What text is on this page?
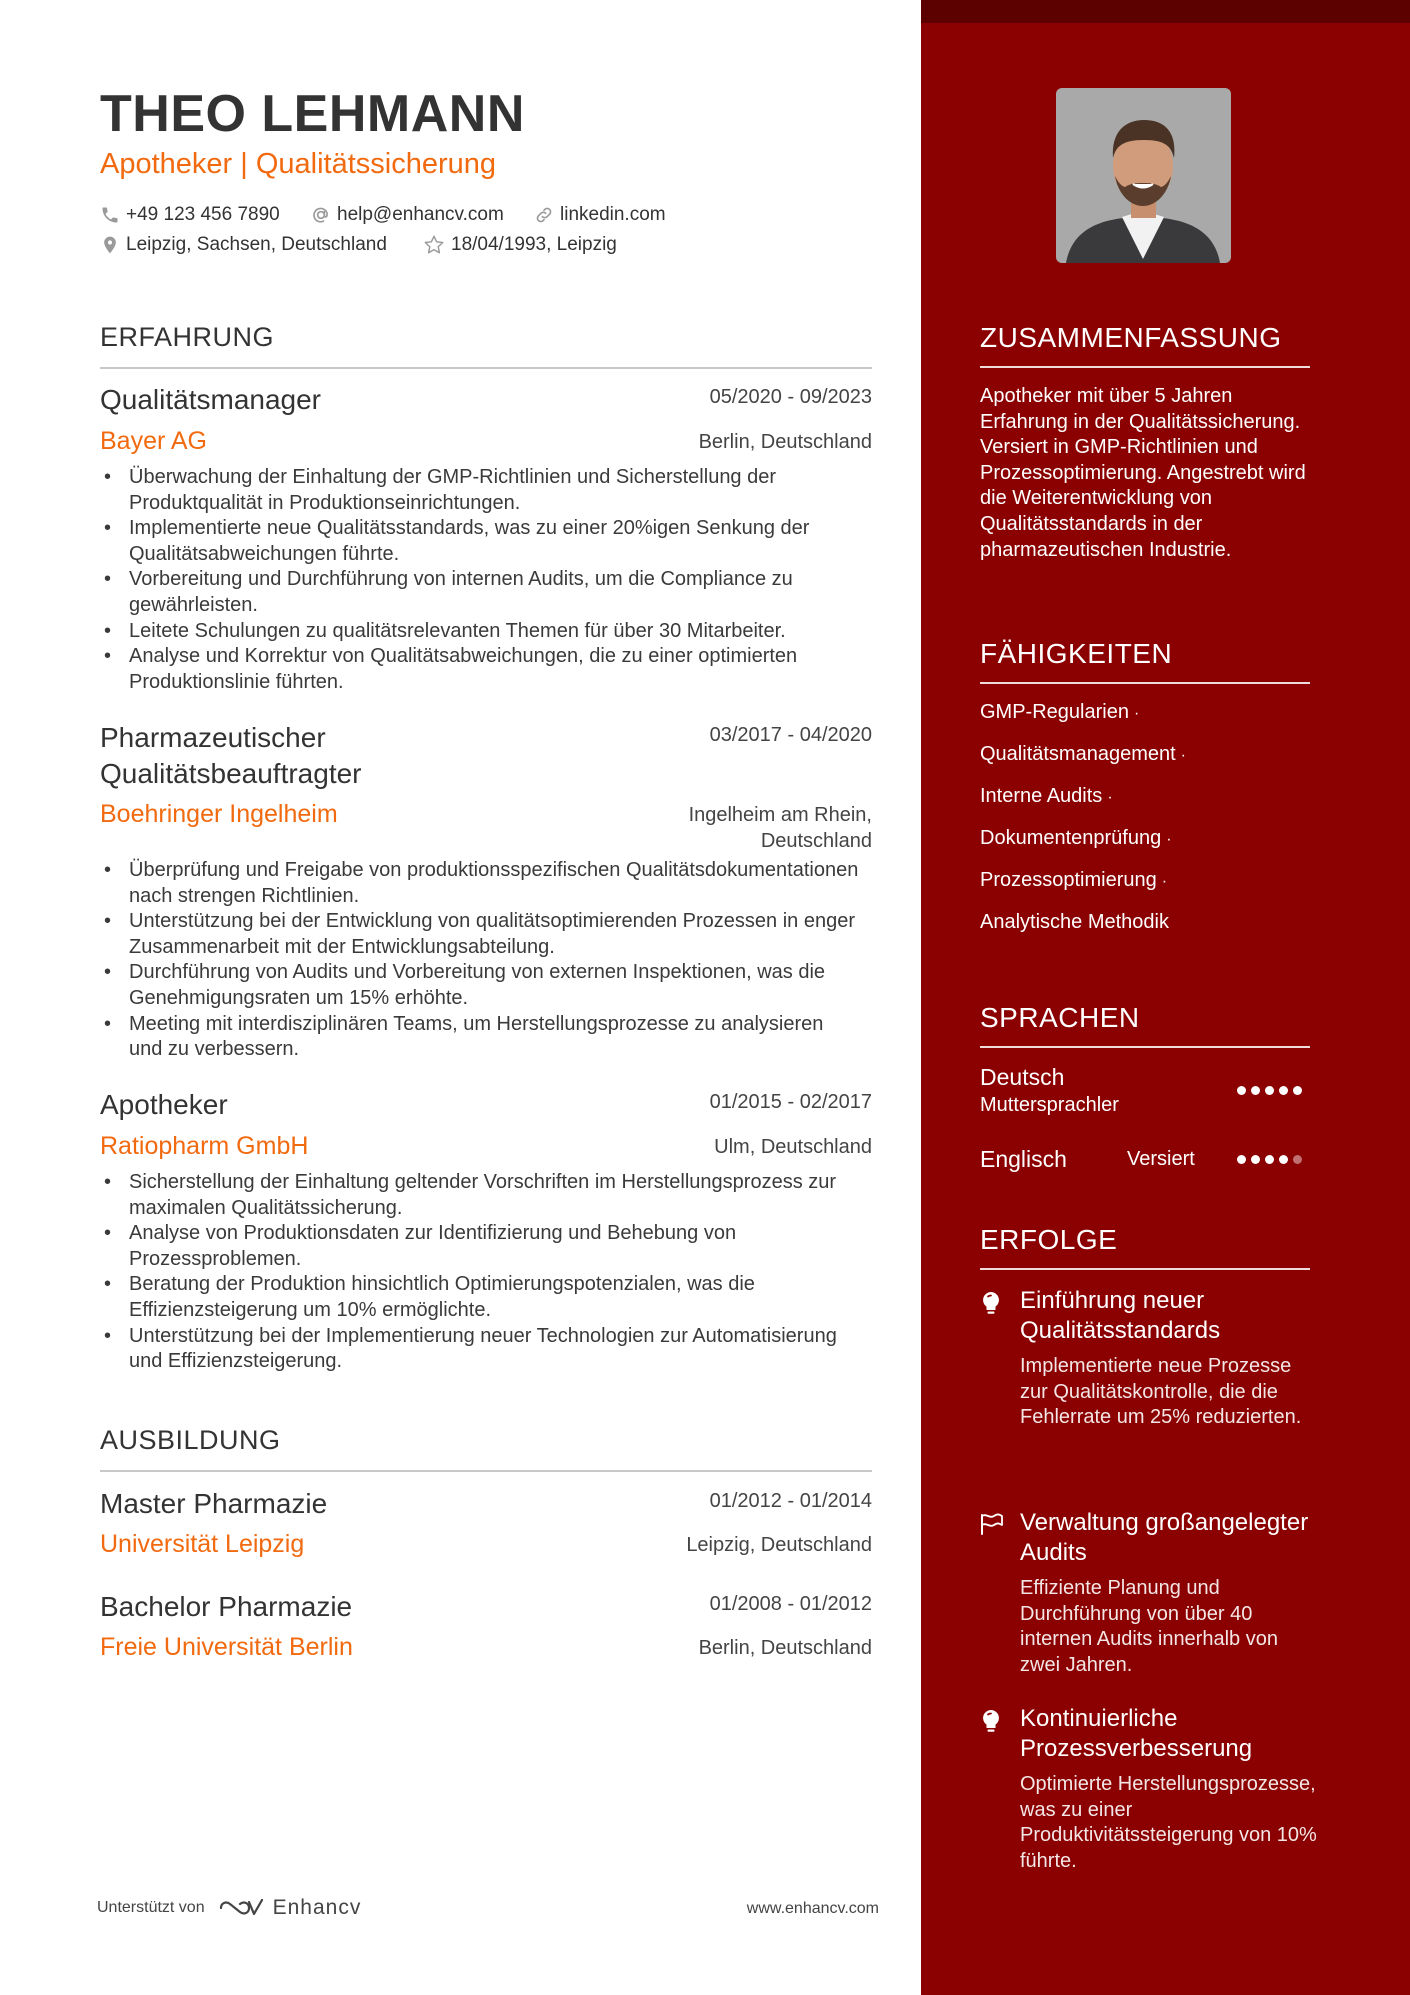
THEO LEHMANN
Apotheker | Qualitätssicherung
+49 123 456 7890	help@enhancv.com	linkedin.com
Leipzig, Sachsen, Deutschland	18/04/1993, Leipzig
ERFAHRUNG
Qualitätsmanager	05/2020 - 09/2023
Bayer AG	Berlin, Deutschland
• Überwachung der Einhaltung der GMP-Richtlinien und Sicherstellung der Produktqualität in Produktionseinrichtungen.
• Implementierte neue Qualitätsstandards, was zu einer 20%igen Senkung der Qualitätsabweichungen führte.
• Vorbereitung und Durchführung von internen Audits, um die Compliance zu gewährleisten.
• Leitete Schulungen zu qualitätsrelevanten Themen für über 30 Mitarbeiter.
• Analyse und Korrektur von Qualitätsabweichungen, die zu einer optimierten Produktionslinie führten.
Pharmazeutischer Qualitätsbeauftragter
03/2017 - 04/2020
Boehringer Ingelheim	Ingelheim am Rhein, Deutschland
• Überprüfung und Freigabe von produktionsspezifischen Qualitätsdokumentationen nach strengen Richtlinien.
• Unterstützung bei der Entwicklung von qualitätsoptimierenden Prozessen in enger Zusammenarbeit mit der Entwicklungsabteilung.
• Durchführung von Audits und Vorbereitung von externen Inspektionen, was die Genehmigungsraten um 15% erhöhte.
• Meeting mit interdisziplinären Teams, um Herstellungsprozesse zu analysieren und zu verbessern.
Apotheker	01/2015 - 02/2017
Ratiopharm GmbH	Ulm, Deutschland
• Sicherstellung der Einhaltung geltender Vorschriften im Herstellungsprozess zur maximalen Qualitätssicherung.
• Analyse von Produktionsdaten zur Identifizierung und Behebung von Prozessproblemen.
• Beratung der Produktion hinsichtlich Optimierungspotenzialen, was die Effizienzsteigerung um 10% ermöglichte.
• Unterstützung bei der Implementierung neuer Technologien zur Automatisierung und Effizienzsteigerung.
AUSBILDUNG
Master Pharmazie	01/2012 - 01/2014
Universität Leipzig	Leipzig, Deutschland
Bachelor Pharmazie	01/2008 - 01/2012
Freie Universität Berlin	Berlin, Deutschland
Unterstützt von	Enhancv	www.enhancv.com
ZUSAMMENFASSUNG
Apotheker mit über 5 Jahren Erfahrung in der Qualitätssicherung. Versiert in GMP-Richtlinien und Prozessoptimierung. Angestrebt wird die Weiterentwicklung von Qualitätsstandards in der pharmazeutischen Industrie.
FÄHIGKEITEN
GMP-Regularien ·
Qualitätsmanagement ·
Interne Audits ·
Dokumentenprüfung ·
Prozessoptimierung ·
Analytische Methodik
SPRACHEN
Deutsch
Muttersprachler
Englisch	Versiert
ERFOLGE
Einführung neuer Qualitätsstandards
Implementierte neue Prozesse zur Qualitätskontrolle, die die Fehlerrate um 25% reduzierten.
Verwaltung großangelegter Audits
Effiziente Planung und Durchführung von über 40 internen Audits innerhalb von zwei Jahren.
Kontinuierliche Prozessverbesserung
Optimierte Herstellungsprozesse, was zu einer Produktivitätssteigerung von 10% führte.
